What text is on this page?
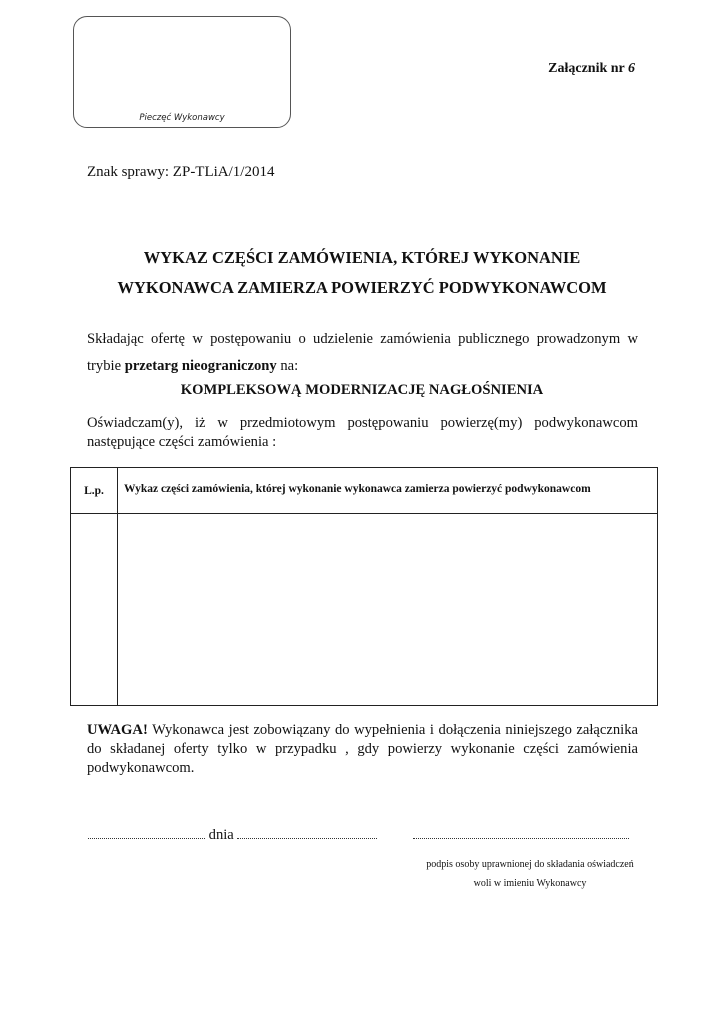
Pieczęć Wykonawcy
Załącznik nr 6
Znak sprawy: ZP-TLiA/1/2014
WYKAZ CZĘŚCI ZAMÓWIENIA, KTÓREJ WYKONANIE
WYKONAWCA ZAMIERZA POWIERZYĆ PODWYKONAWCOM
Składając ofertę w postępowaniu o udzielenie zamówienia publicznego prowadzonym w trybie przetarg nieograniczony na:
KOMPLEKSOWĄ MODERNIZACJĘ NAGŁOŚNIENIA
Oświadczam(y), iż w przedmiotowym postępowaniu powierzę(my) podwykonawcom następujące części zamówienia :
L.p.	Wykaz części zamówienia, której wykonanie wykonawca zamierza powierzyć podwykonawcom

UWAGA! Wykonawca jest zobowiązany do wypełnienia i dołączenia niniejszego załącznika do składanej oferty tylko w przypadku , gdy powierzy wykonanie części zamówienia podwykonawcom.
dnia
podpis osoby uprawnionej do składania oświadczeń
woli w imieniu Wykonawcy
